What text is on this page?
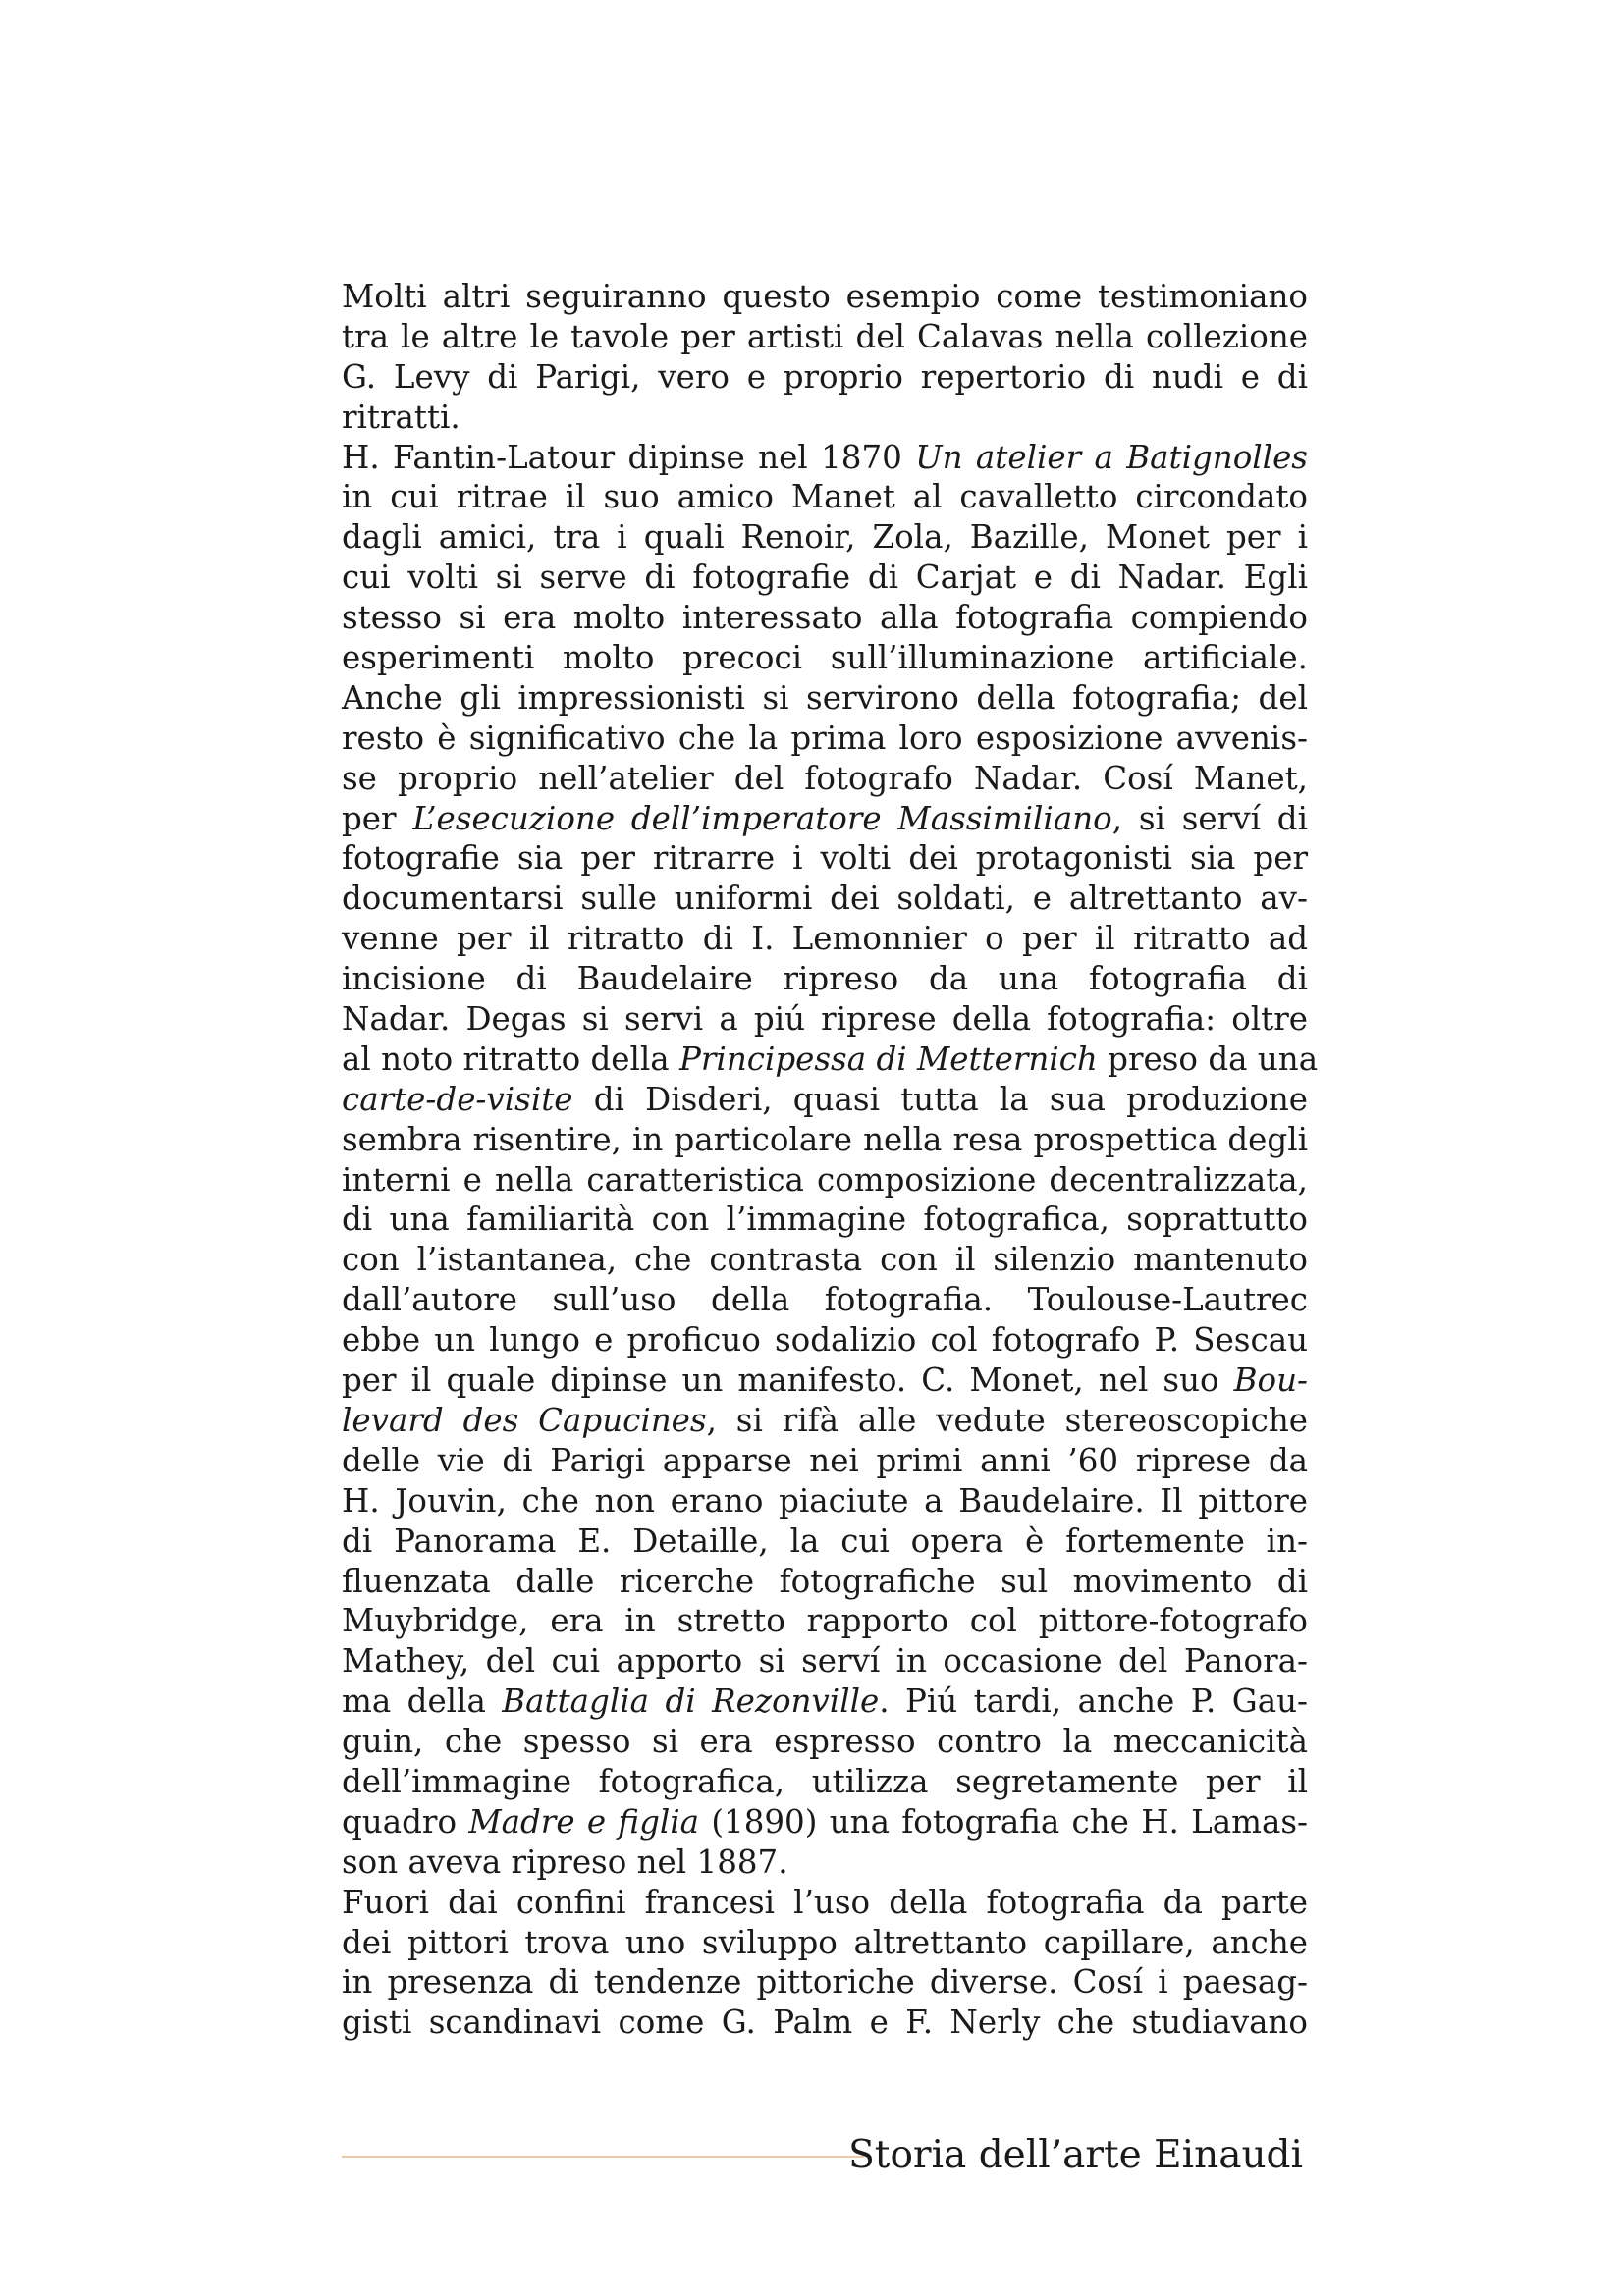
Molti altri seguiranno questo esempio come testimoniano
tra le altre le tavole per artisti del Calavas nella collezione
G. Levy di Parigi, vero e proprio repertorio di nudi e di
ritratti.
H. Fantin-Latour dipinse nel 1870 Un atelier a Batignolles
in cui ritrae il suo amico Manet al cavalletto circondato
dagli amici, tra i quali Renoir, Zola, Bazille, Monet per i
cui volti si serve di fotografie di Carjat e di Nadar. Egli
stesso si era molto interessato alla fotografia compiendo
esperimenti molto precoci sull’illuminazione artificiale.
Anche gli impressionisti si servirono della fotografia; del
resto è significativo che la prima loro esposizione avvenis-
se proprio nell’atelier del fotografo Nadar. Cosí Manet,
per L’esecuzione dell’imperatore Massimiliano, si serví di
fotografie sia per ritrarre i volti dei protagonisti sia per
documentarsi sulle uniformi dei soldati, e altrettanto av-
venne per il ritratto di I. Lemonnier o per il ritratto ad
incisione di Baudelaire ripreso da una fotografia di
Nadar. Degas si servi a piú riprese della fotografia: oltre
al noto ritratto della Principessa di Metternich preso da una
carte-de-visite di Disderi, quasi tutta la sua produzione
sembra risentire, in particolare nella resa prospettica degli
interni e nella caratteristica composizione decentralizzata,
di una familiarità con l’immagine fotografica, soprattutto
con l’istantanea, che contrasta con il silenzio mantenuto
dall’autore sull’uso della fotografia. Toulouse-Lautrec
ebbe un lungo e proficuo sodalizio col fotografo P. Sescau
per il quale dipinse un manifesto. C. Monet, nel suo Bou-
levard des Capucines, si rifà alle vedute stereoscopiche
delle vie di Parigi apparse nei primi anni ’60 riprese da
H. Jouvin, che non erano piaciute a Baudelaire. Il pittore
di Panorama E. Detaille, la cui opera è fortemente in-
fluenzata dalle ricerche fotografiche sul movimento di
Muybridge, era in stretto rapporto col pittore-fotografo
Mathey, del cui apporto si serví in occasione del Panora-
ma della Battaglia di Rezonville. Piú tardi, anche P. Gau-
guin, che spesso si era espresso contro la meccanicità
dell’immagine fotografica, utilizza segretamente per il
quadro Madre e figlia (1890) una fotografia che H. Lamas-
son aveva ripreso nel 1887.
Fuori dai confini francesi l’uso della fotografia da parte
dei pittori trova uno sviluppo altrettanto capillare, anche
in presenza di tendenze pittoriche diverse. Cosí i paesag-
gisti scandinavi come G. Palm e F. Nerly che studiavano
Storia dell’arte Einaudi
